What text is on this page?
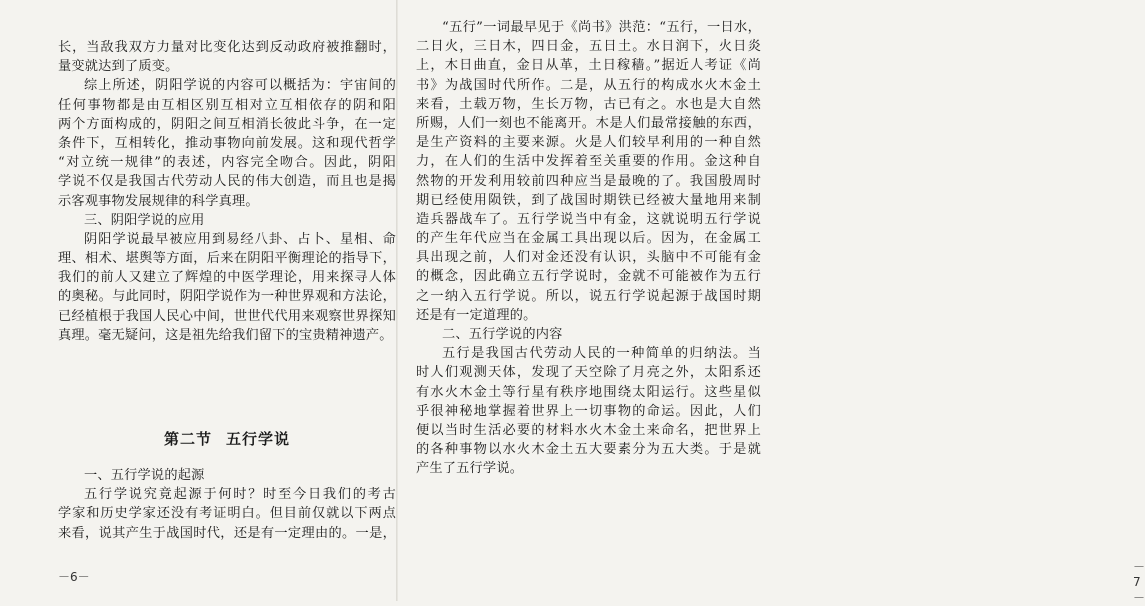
长，当敌我双方力量对比变化达到反动政府被推翻时，
量变就达到了质变。
综上所述，阴阳学说的内容可以概括为：宇宙间的
任何事物都是由互相区别互相对立互相依存的阴和阳
两个方面构成的，阴阳之间互相消长彼此斗争，在一定
条件下，互相转化，推动事物向前发展。这和现代哲学
“对立统一规律”的表述，内容完全吻合。因此，阴阳
学说不仅是我国古代劳动人民的伟大创造，而且也是揭
示客观事物发展规律的科学真理。
三、阴阳学说的应用
阴阳学说最早被应用到易经八卦、占卜、星相、命
理、相术、堪舆等方面，后来在阴阳平衡理论的指导下，
我们的前人又建立了辉煌的中医学理论，用来探寻人体
的奥秘。与此同时，阴阳学说作为一种世界观和方法论，
已经植根于我国人民心中间，世世代代用来观察世界探知
真理。毫无疑问，这是祖先给我们留下的宝贵精神遗产。
第二节 五行学说
一、五行学说的起源
五行学说究竟起源于何时？时至今日我们的考古
学家和历史学家还没有考证明白。但目前仅就以下两点
来看，说其产生于战国时代，还是有一定理由的。一是，
－6－
“五行”一词最早见于《尚书》洪范：“五行，一日水，
二日火，三日木，四日金，五日土。水日润下，火日炎
上，木日曲直，金日从革，土日稼穑。”据近人考证《尚
书》为战国时代所作。二是，从五行的构成水火木金土
来看，土载万物，生长万物，古已有之。水也是大自然
所赐，人们一刻也不能离开。木是人们最常接触的东西，
是生产资料的主要来源。火是人们较早利用的一种自然
力，在人们的生活中发挥着至关重要的作用。金这种自
然物的开发利用较前四种应当是最晚的了。我国殷周时
期已经使用陨铁，到了战国时期铁已经被大量地用来制
造兵器战车了。五行学说当中有金，这就说明五行学说
的产生年代应当在金属工具出现以后。因为，在金属工
具出现之前，人们对金还没有认识，头脑中不可能有金
的概念，因此确立五行学说时，金就不可能被作为五行
之一纳入五行学说。所以，说五行学说起源于战国时期
还是有一定道理的。
二、五行学说的内容
五行是我国古代劳动人民的一种简单的归纳法。当
时人们观测天体，发现了天空除了月亮之外，太阳系还
有水火木金土等行星有秩序地围绕太阳运行。这些星似
乎很神秘地掌握着世界上一切事物的命运。因此，人们
便以当时生活必要的材料水火木金土来命名，把世界上
的各种事物以水火木金土五大要素分为五大类。于是就
产生了五行学说。
－7－
